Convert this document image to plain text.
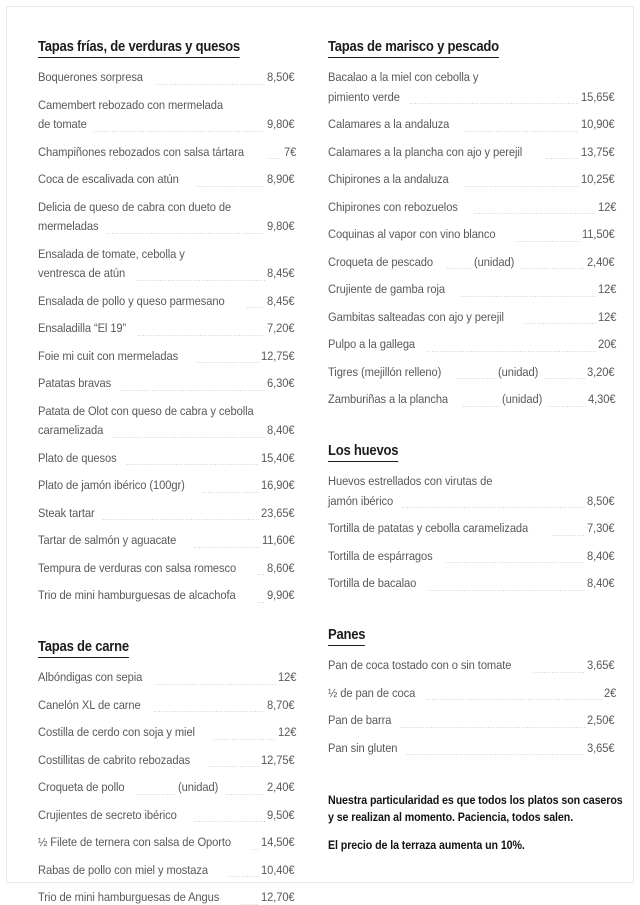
Tapas frías, de verduras y quesos
Boquerones sorpresa	8,50€
Camembert rebozado con mermelada
de tomate	9,80€
Champiñones rebozados con salsa tártara	7€
Coca de escalivada con atún	8,90€
Delicia de queso de cabra con dueto de
mermeladas	9,80€
Ensalada de tomate, cebolla y
ventresca de atún	8,45€
Ensalada de pollo y queso parmesano	8,45€
Ensaladilla “El 19”	7,20€
Foie mi cuit con mermeladas	12,75€
Patatas bravas	6,30€
Patata de Olot con queso de cabra y cebolla
caramelizada	8,40€
Plato de quesos	15,40€
Plato de jamón ibérico (100gr)	16,90€
Steak tartar	23,65€
Tartar de salmón y aguacate	11,60€
Tempura de verduras con salsa romesco	8,60€
Trio de mini hamburguesas de alcachofa	9,90€
Tapas de carne
Albóndigas con sepia	12€
Canelón XL de carne	8,70€
Costilla de cerdo con soja y miel	12€
Costillitas de cabrito rebozadas	12,75€
Croqueta de pollo	(unidad)	2,40€
Crujientes de secreto ibérico	9,50€
½ Filete de ternera con salsa de Oporto	14,50€
Rabas de pollo con miel y mostaza	10,40€
Trio de mini hamburguesas de Angus	12,70€
Tapas de marisco y pescado
Bacalao a la miel con cebolla y
pimiento verde	15,65€
Calamares a la andaluza	10,90€
Calamares a la plancha con ajo y perejil	13,75€
Chipirones a la andaluza	10,25€
Chipirones con rebozuelos	12€
Coquinas al vapor con vino blanco	11,50€
Croqueta de pescado	(unidad)	2,40€
Crujiente de gamba roja	12€
Gambitas salteadas con ajo y perejil	12€
Pulpo a la gallega	20€
Tigres (mejillón relleno)	(unidad)	3,20€
Zamburiñas a la plancha	(unidad)	4,30€
Los huevos
Huevos estrellados con virutas de
jamón ibérico	8,50€
Tortilla de patatas y cebolla caramelizada	7,30€
Tortilla de espárragos	8,40€
Tortilla de bacalao	8,40€
Panes
Pan de coca tostado con o sin tomate	3,65€
½ de pan de coca	2€
Pan de barra	2,50€
Pan sin gluten	3,65€

Nuestra particularidad es que todos los platos son caseros
y se realizan al momento. Paciencia, todos salen.

El precio de la terraza aumenta un 10%.
